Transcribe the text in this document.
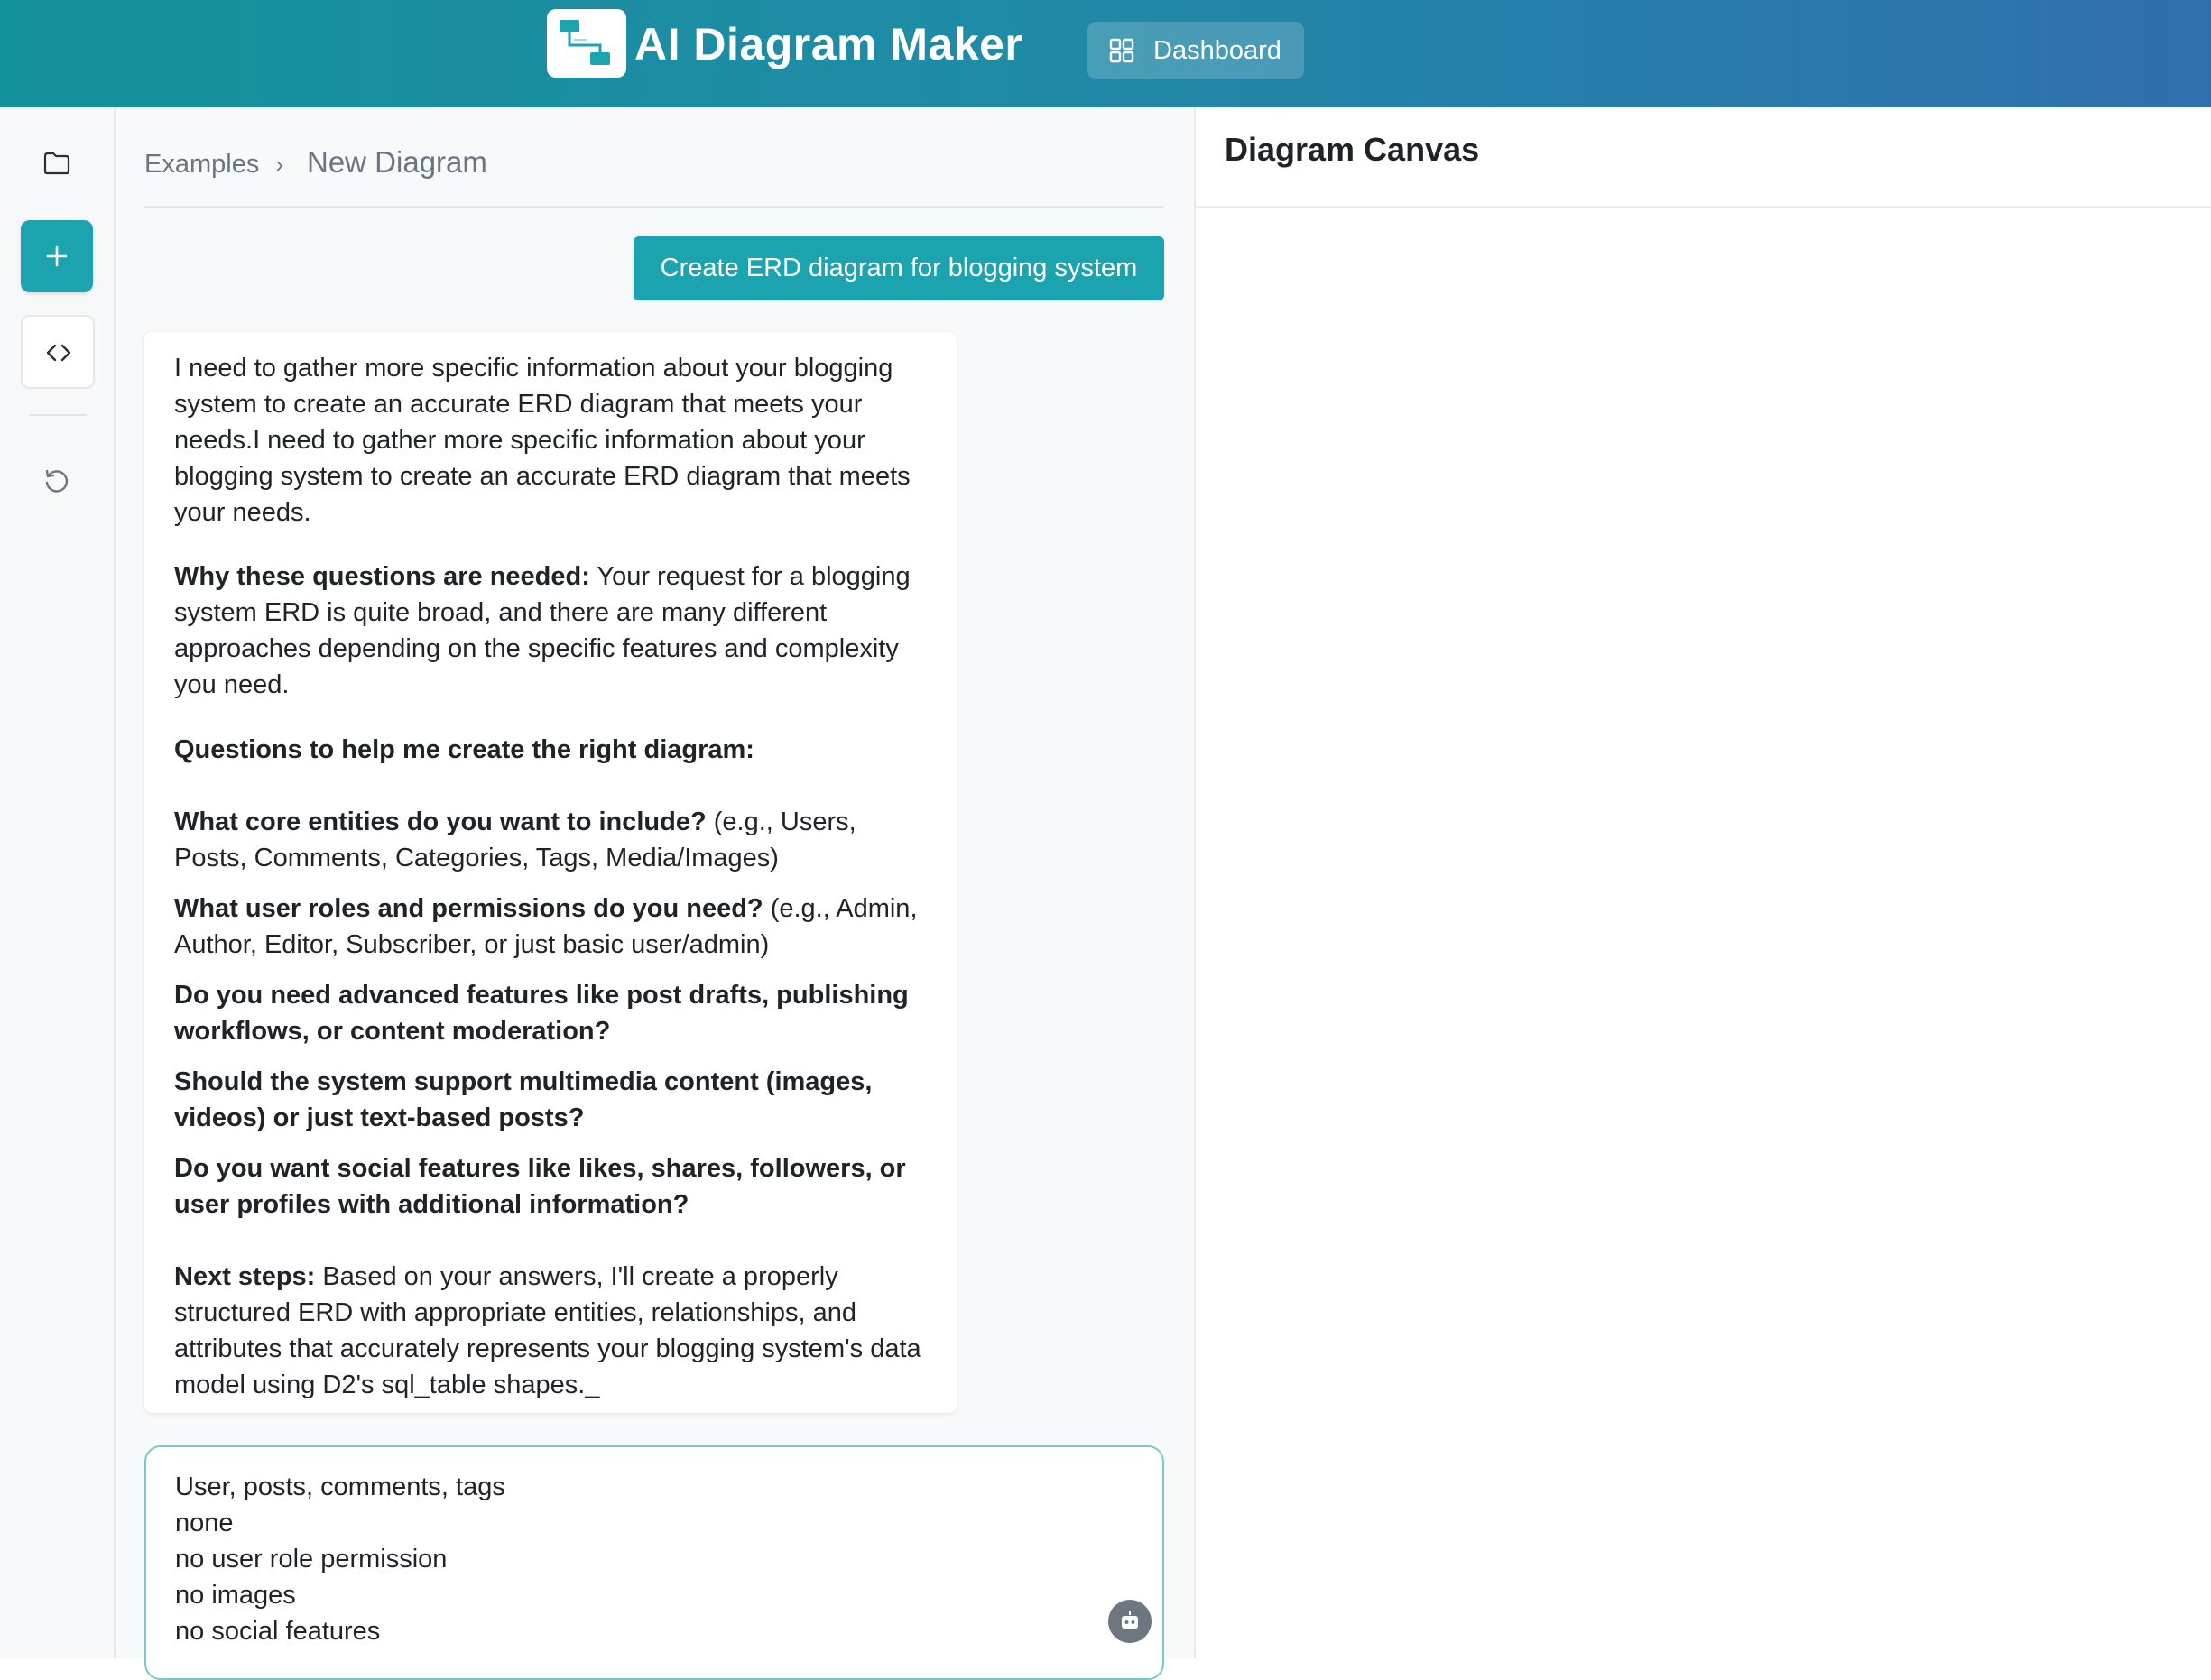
AI Diagram Maker	Dashboard
Examples › New Diagram
Create ERD diagram for blogging system

I need to gather more specific information about your blogging system to create an accurate ERD diagram that meets your needs.I need to gather more specific information about your blogging system to create an accurate ERD diagram that meets your needs.

Why these questions are needed: Your request for a blogging system ERD is quite broad, and there are many different approaches depending on the specific features and complexity you need.

Questions to help me create the right diagram:

What core entities do you want to include? (e.g., Users, Posts, Comments, Categories, Tags, Media/Images)

What user roles and permissions do you need? (e.g., Admin, Author, Editor, Subscriber, or just basic user/admin)

Do you need advanced features like post drafts, publishing workflows, or content moderation?

Should the system support multimedia content (images, videos) or just text-based posts?

Do you want social features like likes, shares, followers, or user profiles with additional information?

Next steps: Based on your answers, I'll create a properly structured ERD with appropriate entities, relationships, and attributes that accurately represents your blogging system's data model using D2's sql_table shapes._

User, posts, comments, tags
none
no user role permission
no images
no social features
Diagram Canvas
